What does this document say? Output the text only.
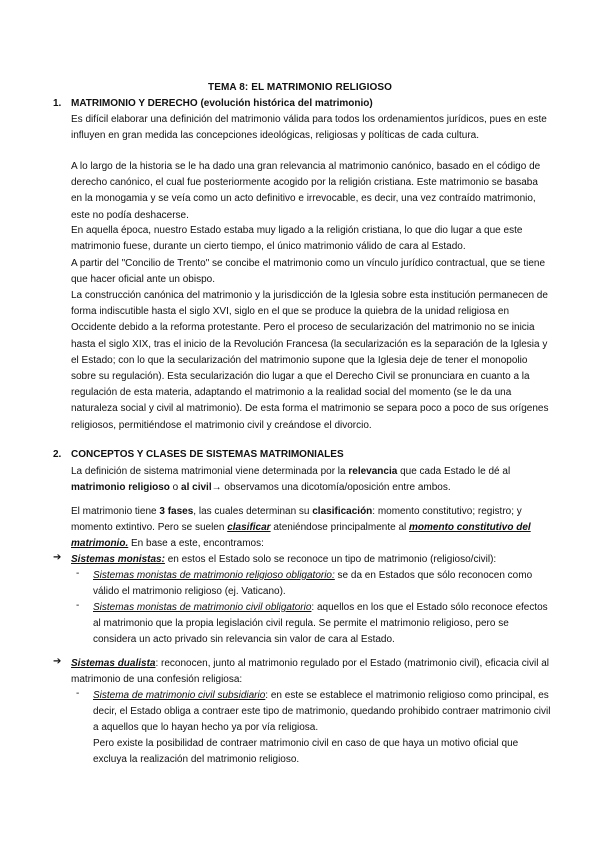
TEMA 8: EL MATRIMONIO RELIGIOSO
1. MATRIMONIO Y DERECHO (evolución histórica del matrimonio)

Es difícil elaborar una definición del matrimonio válida para todos los ordenamientos jurídicos, pues en este influyen en gran medida las concepciones ideológicas, religiosas y políticas de cada cultura.

A lo largo de la historia se le ha dado una gran relevancia al matrimonio canónico, basado en el código de derecho canónico, el cual fue posteriormente acogido por la religión cristiana. Este matrimonio se basaba en la monogamia y se veía como un acto definitivo e irrevocable, es decir, una vez contraído matrimonio, este no podía deshacerse.

En aquella época, nuestro Estado estaba muy ligado a la religión cristiana, lo que dio lugar a que este matrimonio fuese, durante un cierto tiempo, el único matrimonio válido de cara al Estado.

A partir del "Concilio de Trento" se concibe el matrimonio como un vínculo jurídico contractual, que se tiene que hacer oficial ante un obispo.

La construcción canónica del matrimonio y la jurisdicción de la Iglesia sobre esta institución permanecen de forma indiscutible hasta el siglo XVI, siglo en el que se produce la quiebra de la unidad religiosa en Occidente debido a la reforma protestante. Pero el proceso de secularización del matrimonio no se inicia hasta el siglo XIX, tras el inicio de la Revolución Francesa (la secularización es la separación de la Iglesia y el Estado; con lo que la secularización del matrimonio supone que la Iglesia deje de tener el monopolio sobre su regulación). Esta secularización dio lugar a que el Derecho Civil se pronunciara en cuanto a la regulación de esta materia, adaptando el matrimonio a la realidad social del momento (se le da una naturaleza social y civil al matrimonio). De esta forma el matrimonio se separa poco a poco de sus orígenes religiosos, permitiéndose el matrimonio civil y creándose el divorcio.

2. CONCEPTOS Y CLASES DE SISTEMAS MATRIMONIALES

La definición de sistema matrimonial viene determinada por la relevancia que cada Estado le dé al matrimonio religioso o al civil→ observamos una dicotomía/oposición entre ambos.

El matrimonio tiene 3 fases, las cuales determinan su clasificación: momento constitutivo; registro; y momento extintivo. Pero se suelen clasificar ateniéndose principalmente al momento constitutivo del matrimonio. En base a este, encontramos:

➔ Sistemas monistas: en estos el Estado solo se reconoce un tipo de matrimonio (religioso/civil):

- Sistemas monistas de matrimonio religioso obligatorio: se da en Estados que sólo reconocen como válido el matrimonio religioso (ej. Vaticano).

- Sistemas monistas de matrimonio civil obligatorio: aquellos en los que el Estado sólo reconoce efectos al matrimonio que la propia legislación civil regula. Se permite el matrimonio religioso, pero se considera un acto privado sin relevancia sin valor de cara al Estado.

➔ Sistemas dualista: reconocen, junto al matrimonio regulado por el Estado (matrimonio civil), eficacia civil al matrimonio de una confesión religiosa:

- Sistema de matrimonio civil subsidiario: en este se establece el matrimonio religioso como principal, es decir, el Estado obliga a contraer este tipo de matrimonio, quedando prohibido contraer matrimonio civil a aquellos que lo hayan hecho ya por vía religiosa.

Pero existe la posibilidad de contraer matrimonio civil en caso de que haya un motivo oficial que excluya la realización del matrimonio religioso.
